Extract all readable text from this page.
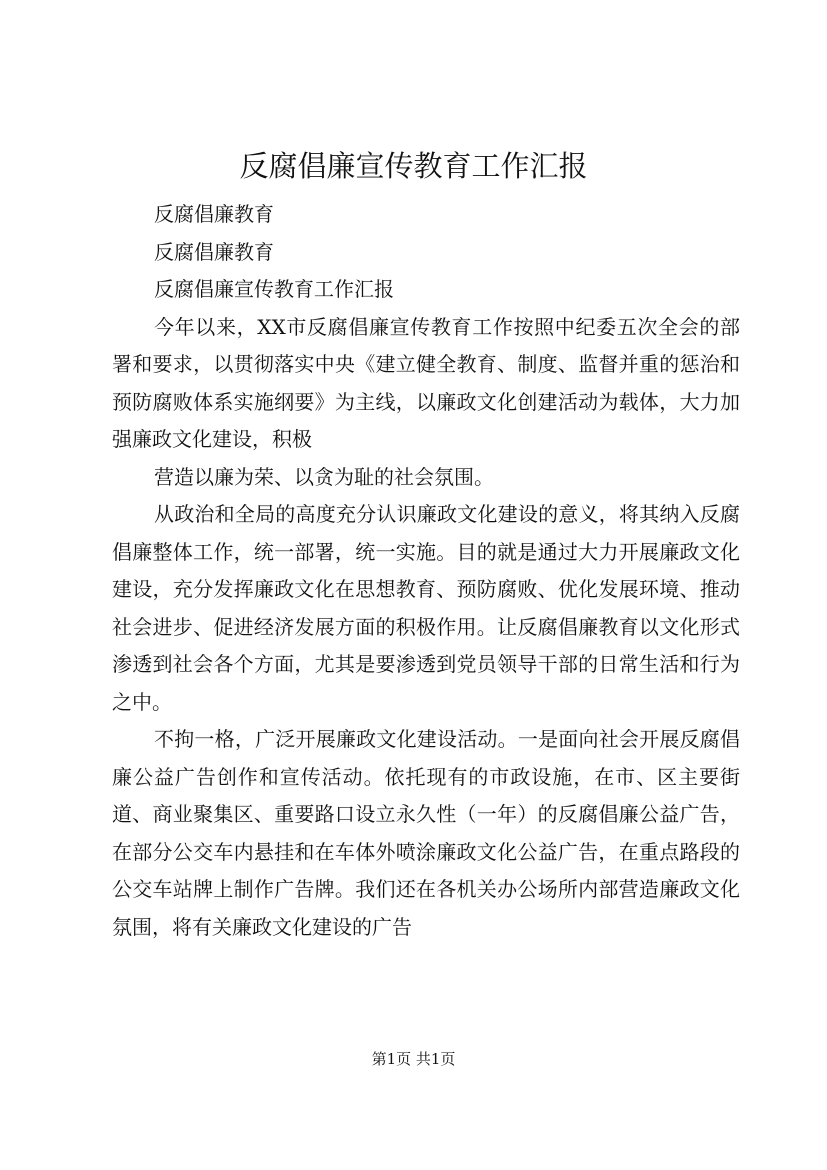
反腐倡廉宣传教育工作汇报

反腐倡廉教育

反腐倡廉教育

反腐倡廉宣传教育工作汇报

今年以来，XX市反腐倡廉宣传教育工作按照中纪委五次全会的部署和要求，以贯彻落实中央《建立健全教育、制度、监督并重的惩治和预防腐败体系实施纲要》为主线，以廉政文化创建活动为载体，大力加强廉政文化建设，积极

营造以廉为荣、以贪为耻的社会氛围。

从政治和全局的高度充分认识廉政文化建设的意义，将其纳入反腐倡廉整体工作，统一部署，统一实施。目的就是通过大力开展廉政文化建设，充分发挥廉政文化在思想教育、预防腐败、优化发展环境、推动社会进步、促进经济发展方面的积极作用。让反腐倡廉教育以文化形式渗透到社会各个方面，尤其是要渗透到党员领导干部的日常生活和行为之中。

不拘一格，广泛开展廉政文化建设活动。一是面向社会开展反腐倡廉公益广告创作和宣传活动。依托现有的市政设施，在市、区主要街道、商业聚集区、重要路口设立永久性（一年）的反腐倡廉公益广告，在部分公交车内悬挂和在车体外喷涂廉政文化公益广告，在重点路段的公交车站牌上制作广告牌。我们还在各机关办公场所内部营造廉政文化氛围，将有关廉政文化建设的广告

第1页 共1页
